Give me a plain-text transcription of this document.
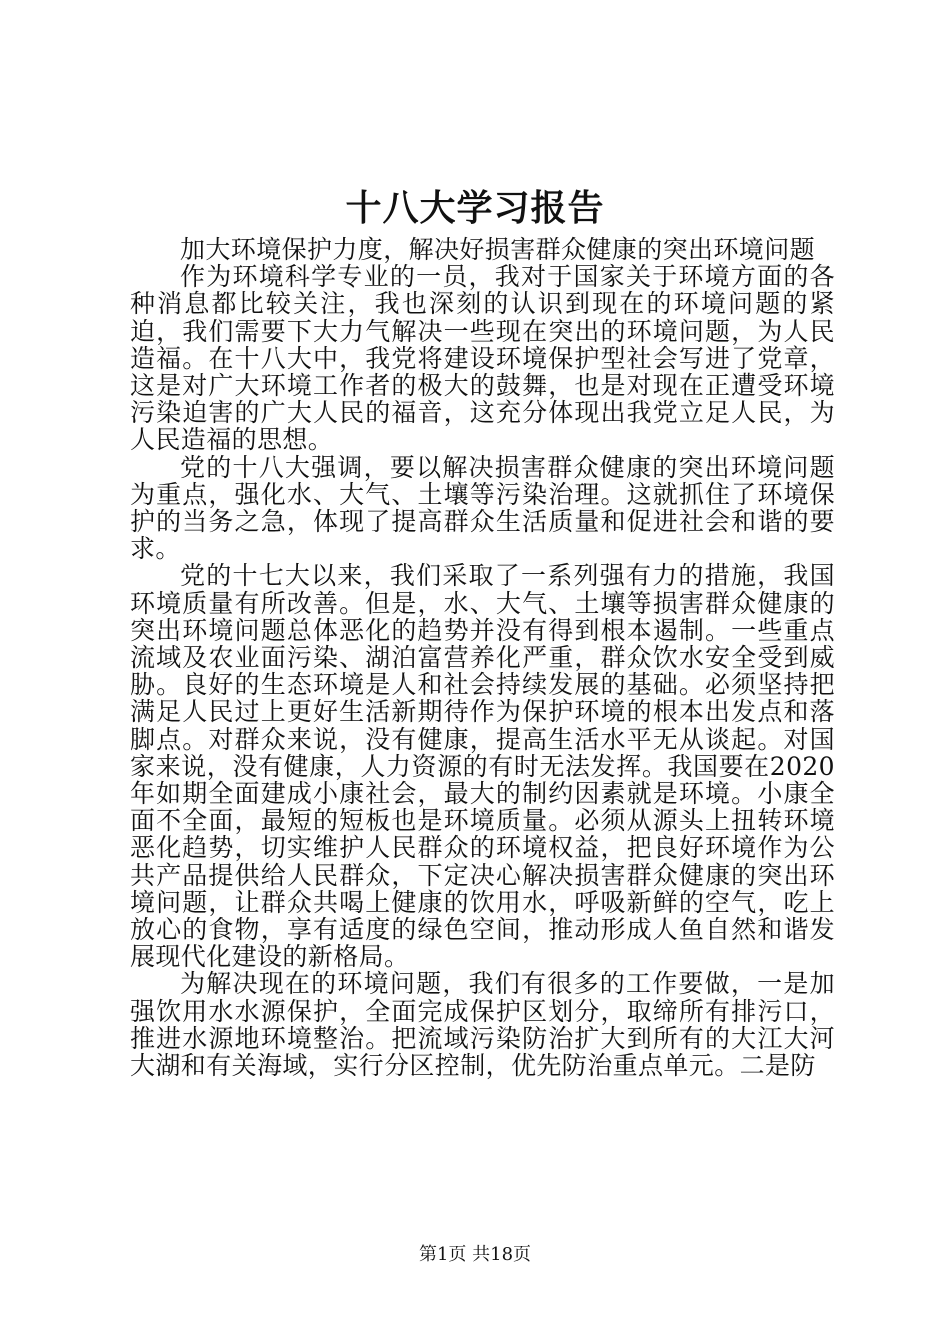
十八大学习报告

加大环境保护力度，解决好损害群众健康的突出环境问题

作为环境科学专业的一员，我对于国家关于环境方面的各种消息都比较关注，我也深刻的认识到现在的环境问题的紧迫，我们需要下大力气解决一些现在突出的环境问题，为人民造福。在十八大中，我党将建设环境保护型社会写进了党章，这是对广大环境工作者的极大的鼓舞，也是对现在正遭受环境污染迫害的广大人民的福音，这充分体现出我党立足人民，为人民造福的思想。

党的十八大强调，要以解决损害群众健康的突出环境问题为重点，强化水、大气、土壤等污染治理。这就抓住了环境保护的当务之急，体现了提高群众生活质量和促进社会和谐的要求。

党的十七大以来，我们采取了一系列强有力的措施，我国环境质量有所改善。但是，水、大气、土壤等损害群众健康的突出环境问题总体恶化的趋势并没有得到根本遏制。一些重点流域及农业面污染、湖泊富营养化严重，群众饮水安全受到威胁。良好的生态环境是人和社会持续发展的基础。必须坚持把满足人民过上更好生活新期待作为保护环境的根本出发点和落脚点。对群众来说，没有健康，提高生活水平无从谈起。对国家来说，没有健康，人力资源的有时无法发挥。我国要在2020年如期全面建成小康社会，最大的制约因素就是环境。小康全面不全面，最短的短板也是环境质量。必须从源头上扭转环境恶化趋势，切实维护人民群众的环境权益，把良好环境作为公共产品提供给人民群众，下定决心解决损害群众健康的突出环境问题，让群众共喝上健康的饮用水，呼吸新鲜的空气，吃上放心的食物，享有适度的绿色空间，推动形成人鱼自然和谐发展现代化建设的新格局。

为解决现在的环境问题，我们有很多的工作要做，一是加强饮用水水源保护，全面完成保护区划分，取缔所有排污口，推进水源地环境整治。把流域污染防治扩大到所有的大江大河大湖和有关海域，实行分区控制，优先防治重点单元。二是防

第1页 共18页
